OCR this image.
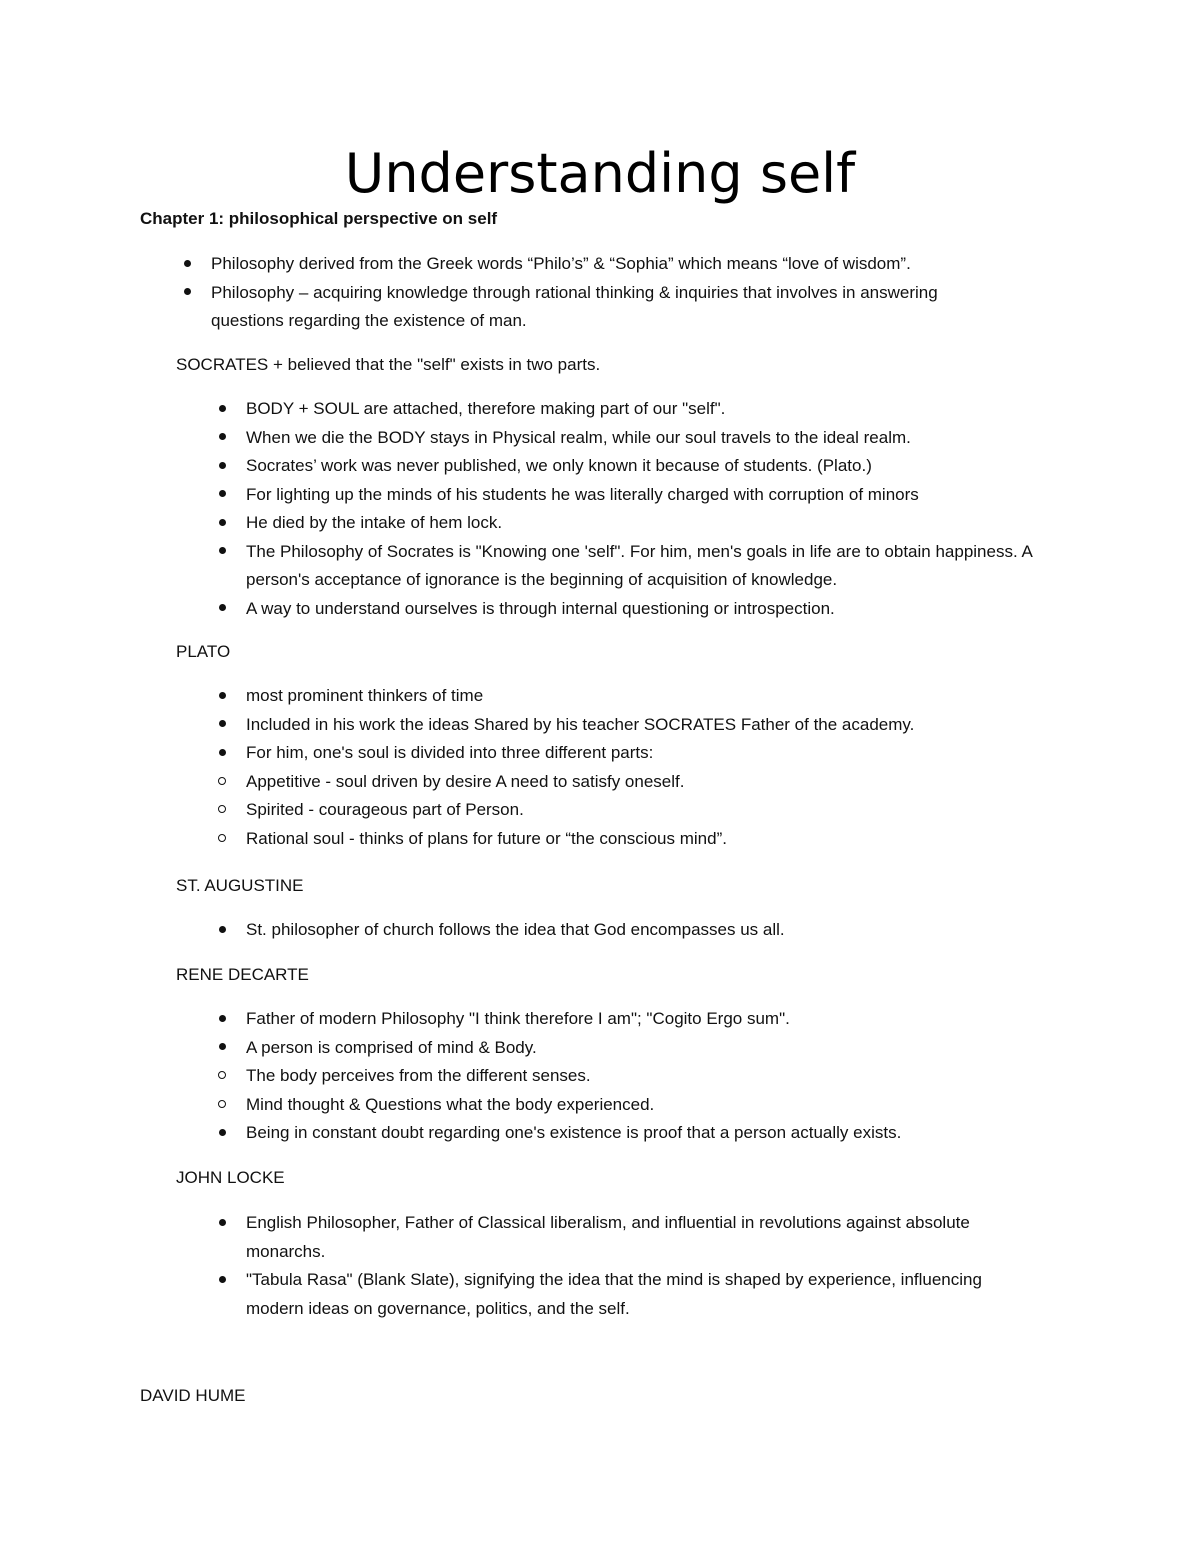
Understanding self

Chapter 1: philosophical perspective on self

Philosophy derived from the Greek words “Philo’s” & “Sophia” which means “love of wisdom”.
Philosophy – acquiring knowledge through rational thinking & inquiries that involves in answering questions regarding the existence of man.

SOCRATES + believed that the "self" exists in two parts.

BODY + SOUL are attached, therefore making part of our "self".
When we die the BODY stays in Physical realm, while our soul travels to the ideal realm.
Socrates’ work was never published, we only known it because of students. (Plato.)
For lighting up the minds of his students he was literally charged with corruption of minors
He died by the intake of hem lock.
The Philosophy of Socrates is "Knowing one 'self". For him, men's goals in life are to obtain happiness. A person's acceptance of ignorance is the beginning of acquisition of knowledge.
A way to understand ourselves is through internal questioning or introspection.

PLATO

most prominent thinkers of time
Included in his work the ideas Shared by his teacher SOCRATES Father of the academy.
For him, one's soul is divided into three different parts:
Appetitive - soul driven by desire A need to satisfy oneself.
Spirited - courageous part of Person.
Rational soul - thinks of plans for future or “the conscious mind”.

ST. AUGUSTINE

St. philosopher of church follows the idea that God encompasses us all.

RENE DECARTE

Father of modern Philosophy "I think therefore I am"; "Cogito Ergo sum".
A person is comprised of mind & Body.
The body perceives from the different senses.
Mind thought & Questions what the body experienced.
Being in constant doubt regarding one's existence is proof that a person actually exists.

JOHN LOCKE

English Philosopher, Father of Classical liberalism, and influential in revolutions against absolute monarchs.
"Tabula Rasa" (Blank Slate), signifying the idea that the mind is shaped by experience, influencing modern ideas on governance, politics, and the self.

DAVID HUME
